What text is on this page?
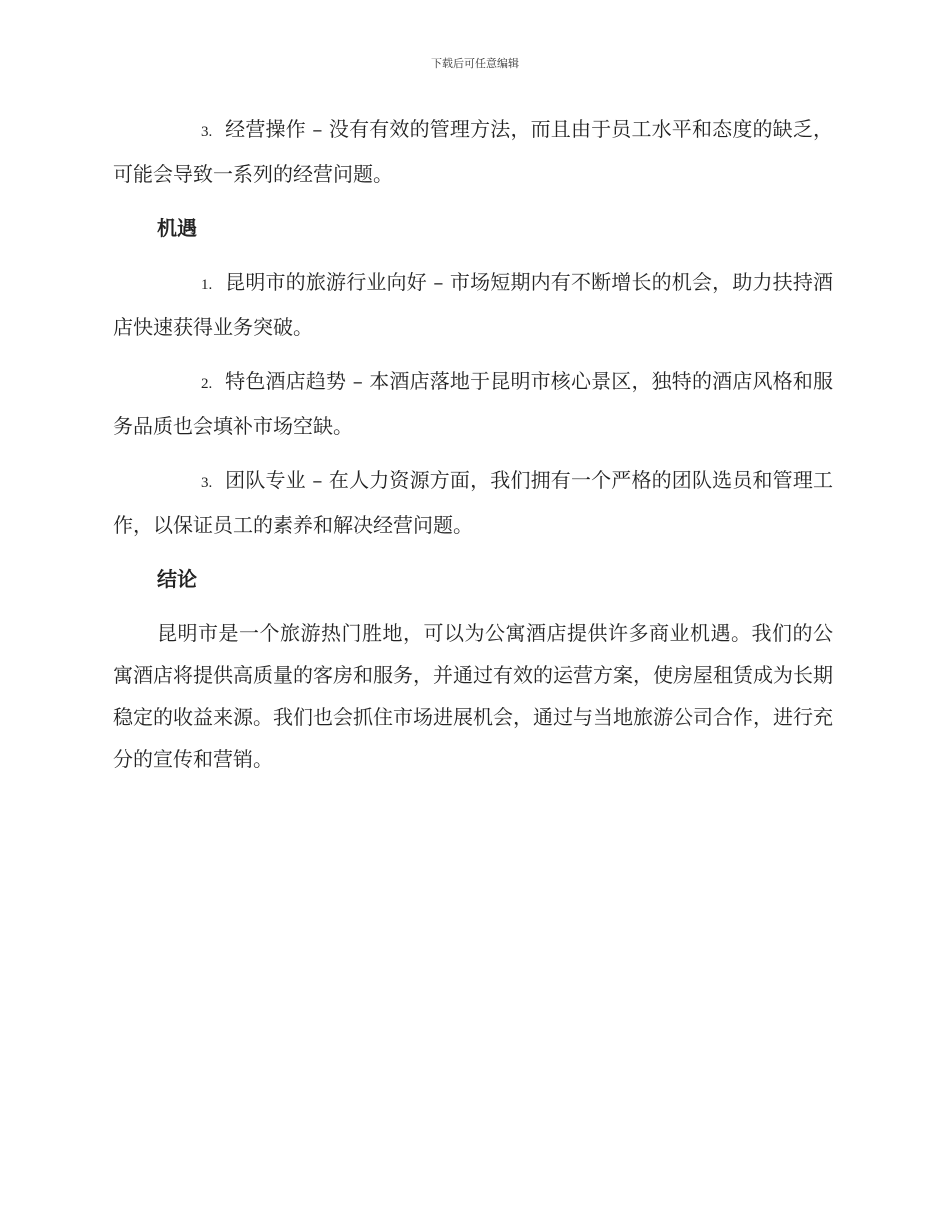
下载后可任意编辑

3. 经营操作 – 没有有效的管理方法，而且由于员工水平和态度的缺乏，可能会导致一系列的经营问题。

机遇

1. 昆明市的旅游行业向好 – 市场短期内有不断增长的机会，助力扶持酒店快速获得业务突破。

2. 特色酒店趋势 – 本酒店落地于昆明市核心景区，独特的酒店风格和服务品质也会填补市场空缺。

3. 团队专业 – 在人力资源方面，我们拥有一个严格的团队选员和管理工作，以保证员工的素养和解决经营问题。

结论

昆明市是一个旅游热门胜地，可以为公寓酒店提供许多商业机遇。我们的公寓酒店将提供高质量的客房和服务，并通过有效的运营方案，使房屋租赁成为长期稳定的收益来源。我们也会抓住市场进展机会，通过与当地旅游公司合作，进行充分的宣传和营销。
